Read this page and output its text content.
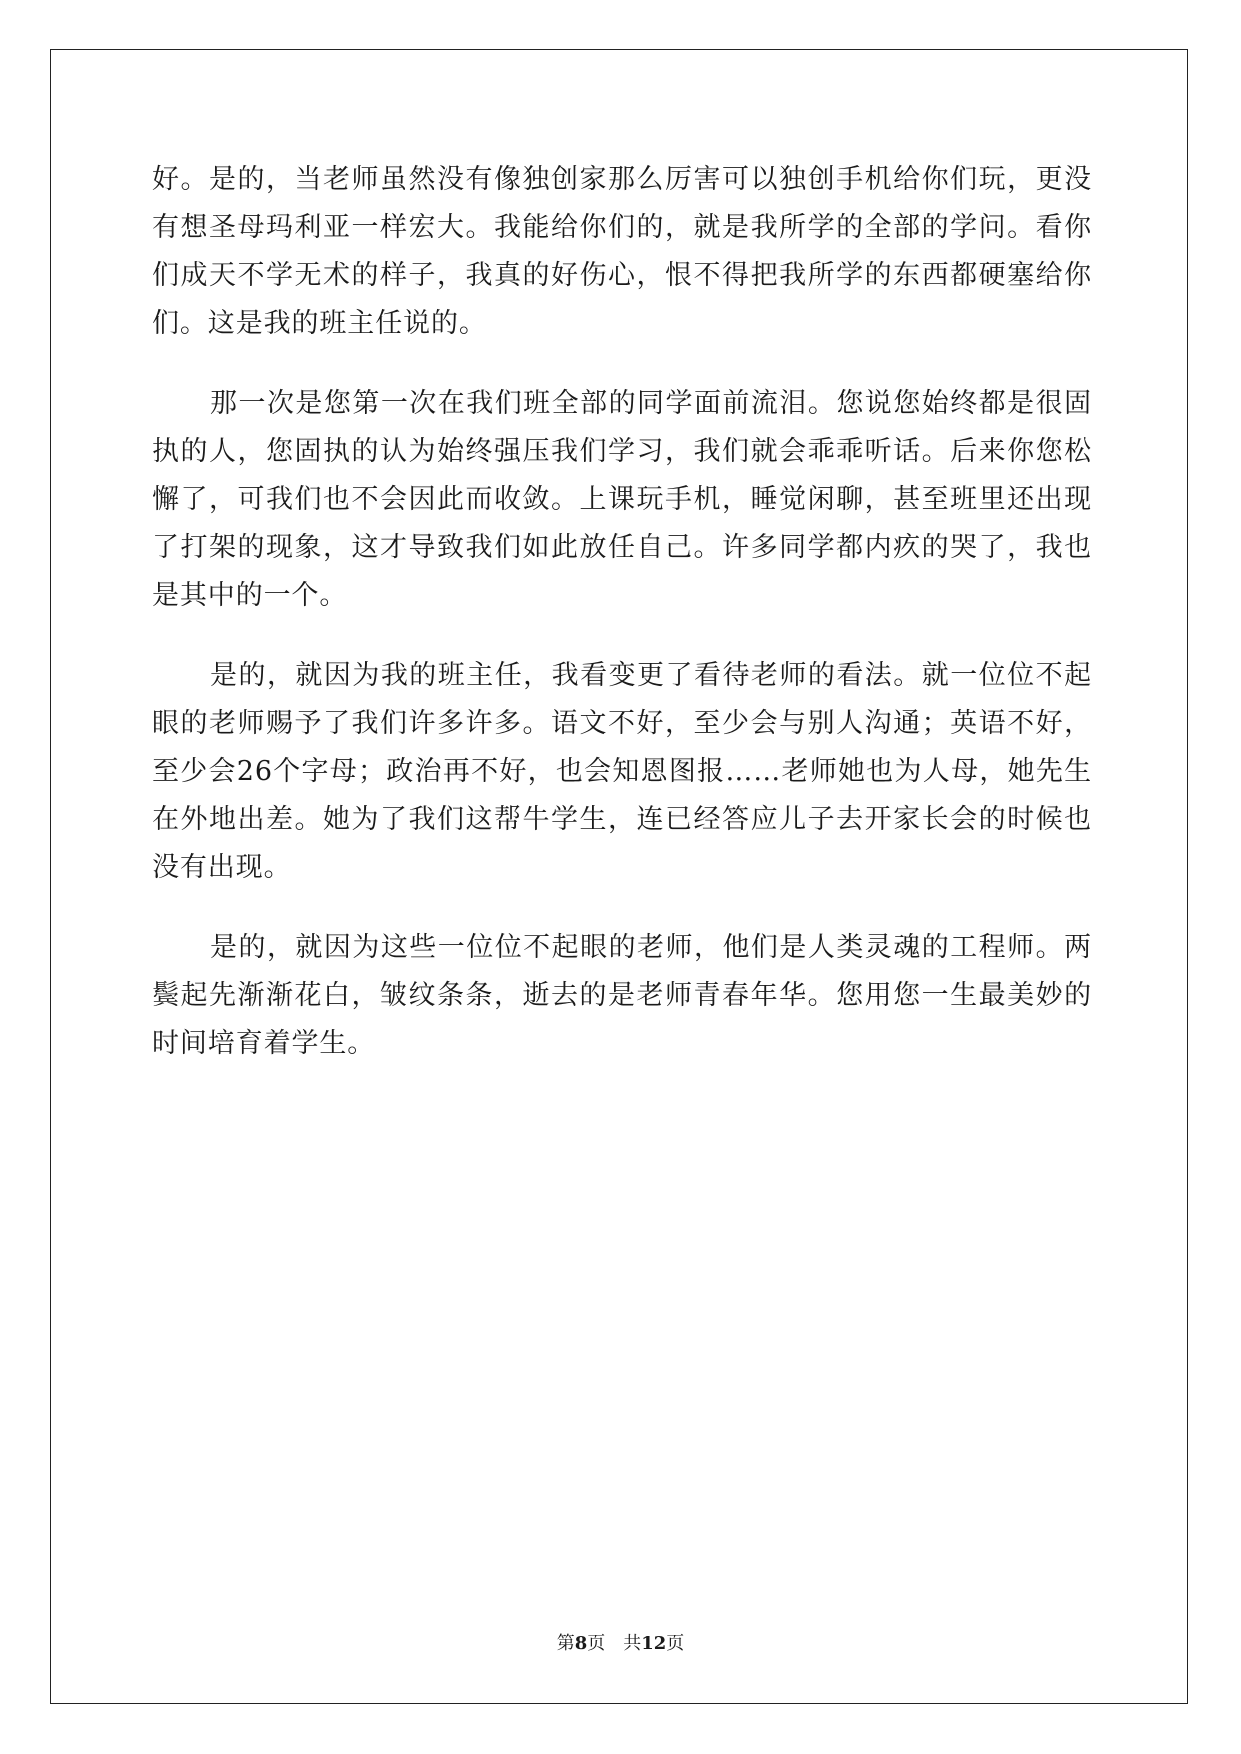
好。是的，当老师虽然没有像独创家那么厉害可以独创手机给你们玩，更没有想圣母玛利亚一样宏大。我能给你们的，就是我所学的全部的学问。看你们成天不学无术的样子，我真的好伤心，恨不得把我所学的东西都硬塞给你们。这是我的班主任说的。

那一次是您第一次在我们班全部的同学面前流泪。您说您始终都是很固执的人，您固执的认为始终强压我们学习，我们就会乖乖听话。后来你您松懈了，可我们也不会因此而收敛。上课玩手机，睡觉闲聊，甚至班里还出现了打架的现象，这才导致我们如此放任自己。许多同学都内疚的哭了，我也是其中的一个。

是的，就因为我的班主任，我看变更了看待老师的看法。就一位位不起眼的老师赐予了我们许多许多。语文不好，至少会与别人沟通；英语不好，至少会26个字母；政治再不好，也会知恩图报……老师她也为人母，她先生在外地出差。她为了我们这帮牛学生，连已经答应儿子去开家长会的时候也没有出现。

是的，就因为这些一位位不起眼的老师，他们是人类灵魂的工程师。两鬓起先渐渐花白，皱纹条条，逝去的是老师青春年华。您用您一生最美妙的时间培育着学生。

第8页 共12页
